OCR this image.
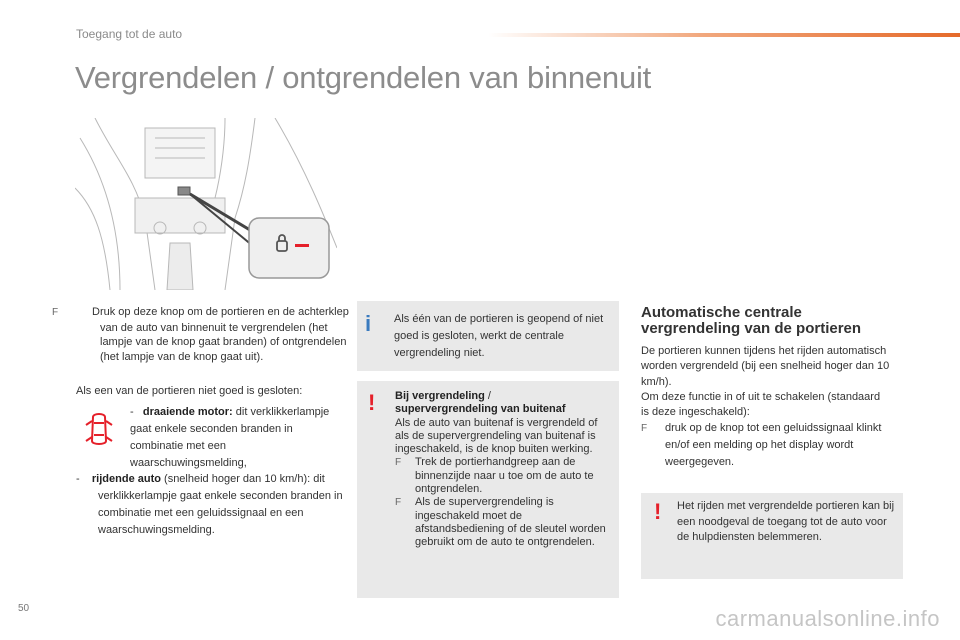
Toegang tot de auto
Vergrendelen / ontgrendelen van binnenuit
F	Druk op deze knop om de portieren en de achterklep van de auto van binnenuit te vergrendelen (het lampje van de knop gaat branden) of ontgrendelen (het lampje van de knop gaat uit).
Als een van de portieren niet goed is gesloten:
- draaiende motor: dit verklikkerlampje gaat enkele seconden branden in combinatie met een waarschuwingsmelding,
- rijdende auto (snelheid hoger dan 10 km/h): dit verklikkerlampje gaat enkele seconden branden in combinatie met een geluidssignaal en een waarschuwingsmelding.
i Als één van de portieren is geopend of niet goed is gesloten, werkt de centrale vergrendeling niet.
! Bij vergrendeling /
supervergrendeling van buitenaf
Als de auto van buitenaf is vergrendeld of als de supervergrendeling van buitenaf is ingeschakeld, is de knop buiten werking.
F Trek de portierhandgreep aan de binnenzijde naar u toe om de auto te ontgrendelen.
F Als de supervergrendeling is ingeschakeld moet de afstandsbediening of de sleutel worden gebruikt om de auto te ontgrendelen.
Automatische centrale
vergrendeling van de portieren
De portieren kunnen tijdens het rijden automatisch worden vergrendeld (bij een snelheid hoger dan 10 km/h).
Om deze functie in of uit te schakelen (standaard is deze ingeschakeld):
F druk op de knop tot een geluidssignaal klinkt en/of een melding op het display wordt weergegeven.
! Het rijden met vergrendelde portieren kan bij een noodgeval de toegang tot de auto voor de hulpdiensten belemmeren.
50	carmanualsonline.info
